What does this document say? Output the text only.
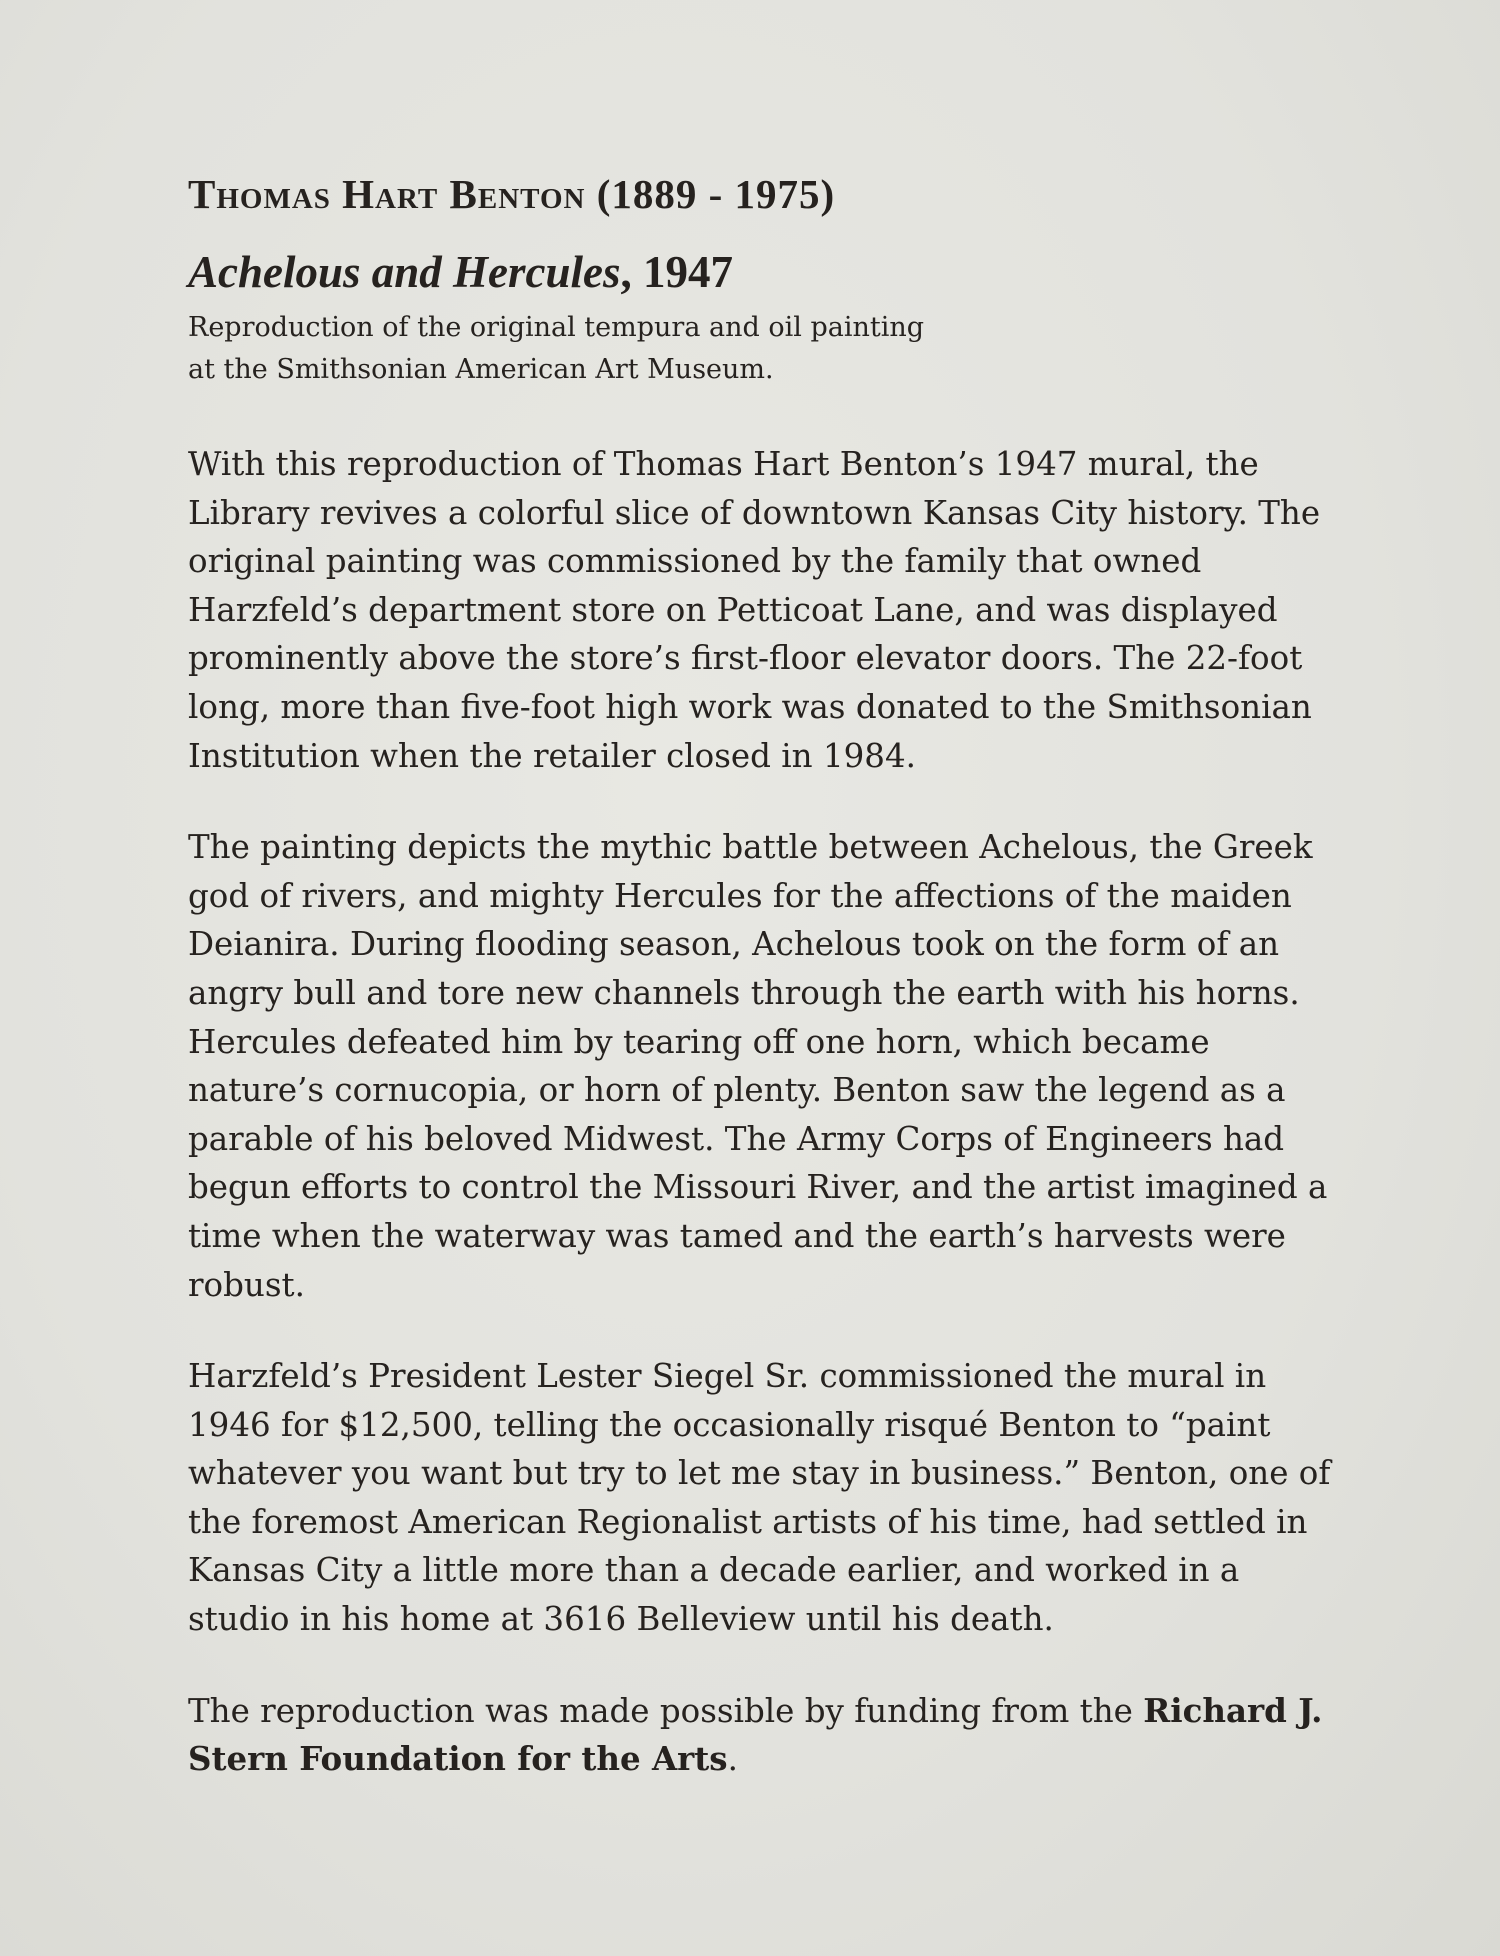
Thomas Hart Benton (1889 - 1975)
Achelous and Hercules, 1947

Reproduction of the original tempura and oil painting
at the Smithsonian American Art Museum.

With this reproduction of Thomas Hart Benton’s 1947 mural, the Library revives a colorful slice of downtown Kansas City history. The original painting was commissioned by the family that owned Harzfeld’s department store on Petticoat Lane, and was displayed prominently above the store’s first-floor elevator doors. The 22-foot long, more than five-foot high work was donated to the Smithsonian Institution when the retailer closed in 1984.

The painting depicts the mythic battle between Achelous, the Greek god of rivers, and mighty Hercules for the affections of the maiden Deianira. During flooding season, Achelous took on the form of an angry bull and tore new channels through the earth with his horns. Hercules defeated him by tearing off one horn, which became nature’s cornucopia, or horn of plenty. Benton saw the legend as a parable of his beloved Midwest. The Army Corps of Engineers had begun efforts to control the Missouri River, and the artist imagined a time when the waterway was tamed and the earth’s harvests were robust.

Harzfeld’s President Lester Siegel Sr. commissioned the mural in 1946 for $12,500, telling the occasionally risqué Benton to “paint whatever you want but try to let me stay in business.” Benton, one of the foremost American Regionalist artists of his time, had settled in Kansas City a little more than a decade earlier, and worked in a studio in his home at 3616 Belleview until his death.

The reproduction was made possible by funding from the Richard J. Stern Foundation for the Arts.
